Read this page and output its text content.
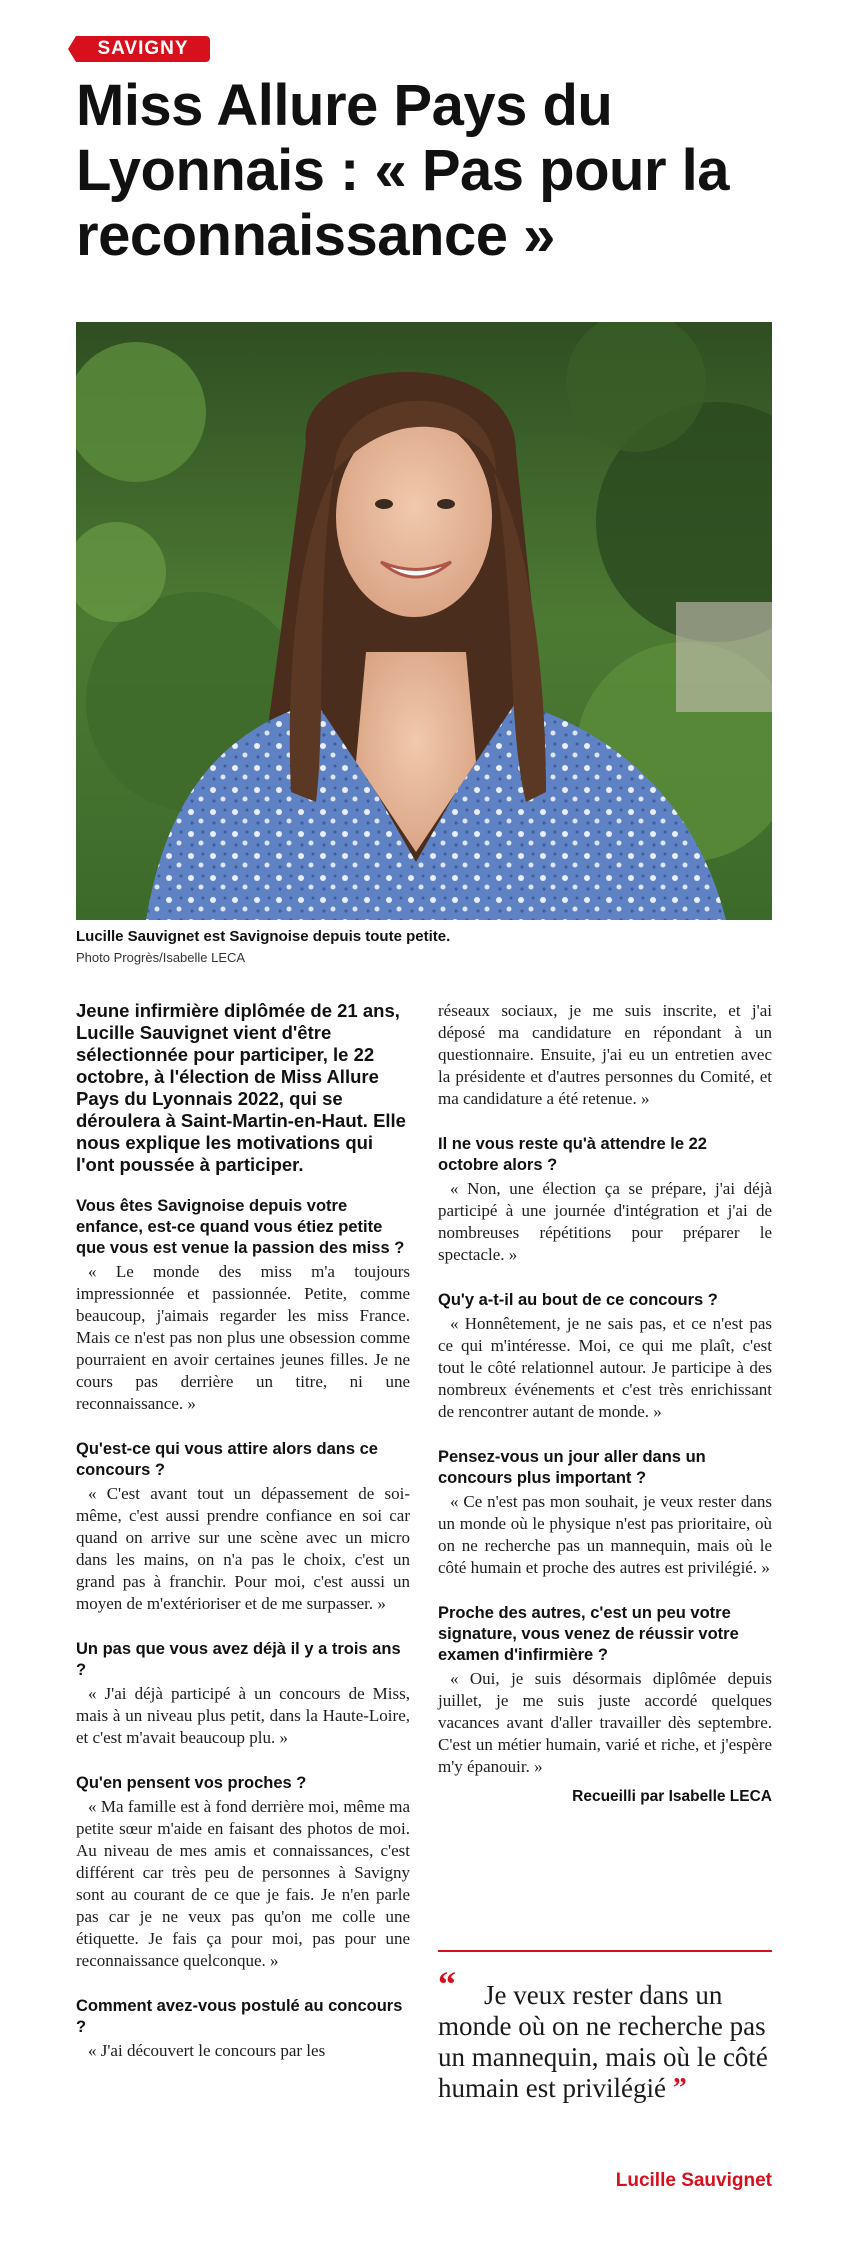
SAVIGNY
Miss Allure Pays du Lyonnais : « Pas pour la reconnaissance »
Lucille Sauvignet est Savignoise depuis toute petite.
Photo Progrès/Isabelle LECA

Jeune infirmière diplômée de 21 ans, Lucille Sauvignet vient d'être sélectionnée pour participer, le 22 octobre, à l'élection de Miss Allure Pays du Lyonnais 2022, qui se déroulera à Saint-Martin-en-Haut. Elle nous explique les motivations qui l'ont poussée à participer.

Vous êtes Savignoise depuis votre enfance, est-ce quand vous étiez petite que vous est venue la passion des miss ?

« Le monde des miss m'a toujours impressionnée et passionnée. Petite, comme beaucoup, j'aimais regarder les miss France. Mais ce n'est pas non plus une obsession comme pourraient en avoir certaines jeunes filles. Je ne cours pas derrière un titre, ni une reconnaissance. »

Qu'est-ce qui vous attire alors dans ce concours ?

« C'est avant tout un dépassement de soi-même, c'est aussi prendre confiance en soi car quand on arrive sur une scène avec un micro dans les mains, on n'a pas le choix, c'est un grand pas à franchir. Pour moi, c'est aussi un moyen de m'extérioriser et de me surpasser. »

Un pas que vous avez déjà il y a trois ans ?

« J'ai déjà participé à un concours de Miss, mais à un niveau plus petit, dans la Haute-Loire, et c'est m'avait beaucoup plu. »

Qu'en pensent vos proches ?

« Ma famille est à fond derrière moi, même ma petite sœur m'aide en faisant des photos de moi. Au niveau de mes amis et connaissances, c'est différent car très peu de personnes à Savigny sont au courant de ce que je fais. Je n'en parle pas car je ne veux pas qu'on me colle une étiquette. Je fais ça pour moi, pas pour une reconnaissance quelconque. »

Comment avez-vous postulé au concours ?

« J'ai découvert le concours par les

réseaux sociaux, je me suis inscrite, et j'ai déposé ma candidature en répondant à un questionnaire. Ensuite, j'ai eu un entretien avec la présidente et d'autres personnes du Comité, et ma candidature a été retenue. »

Il ne vous reste qu'à attendre le 22 octobre alors ?

« Non, une élection ça se prépare, j'ai déjà participé à une journée d'intégration et j'ai de nombreuses répétitions pour préparer le spectacle. »

Qu'y a-t-il au bout de ce concours ?

« Honnêtement, je ne sais pas, et ce n'est pas ce qui m'intéresse. Moi, ce qui me plaît, c'est tout le côté relationnel autour. Je participe à des nombreux événements et c'est très enrichissant de rencontrer autant de monde. »

Pensez-vous un jour aller dans un concours plus important ?

« Ce n'est pas mon souhait, je veux rester dans un monde où le physique n'est pas prioritaire, où on ne recherche pas un mannequin, mais où le côté humain et proche des autres est privilégié. »

Proche des autres, c'est un peu votre signature, vous venez de réussir votre examen d'infirmière ?

« Oui, je suis désormais diplômée depuis juillet, je me suis juste accordé quelques vacances avant d'aller travailler dès septembre. C'est un métier humain, varié et riche, et j'espère m'y épanouir. »

Recueilli par Isabelle LECA
“	Je veux rester dans un monde où on ne recherche pas un mannequin, mais où le côté humain est privilégié ”
Lucille Sauvignet
